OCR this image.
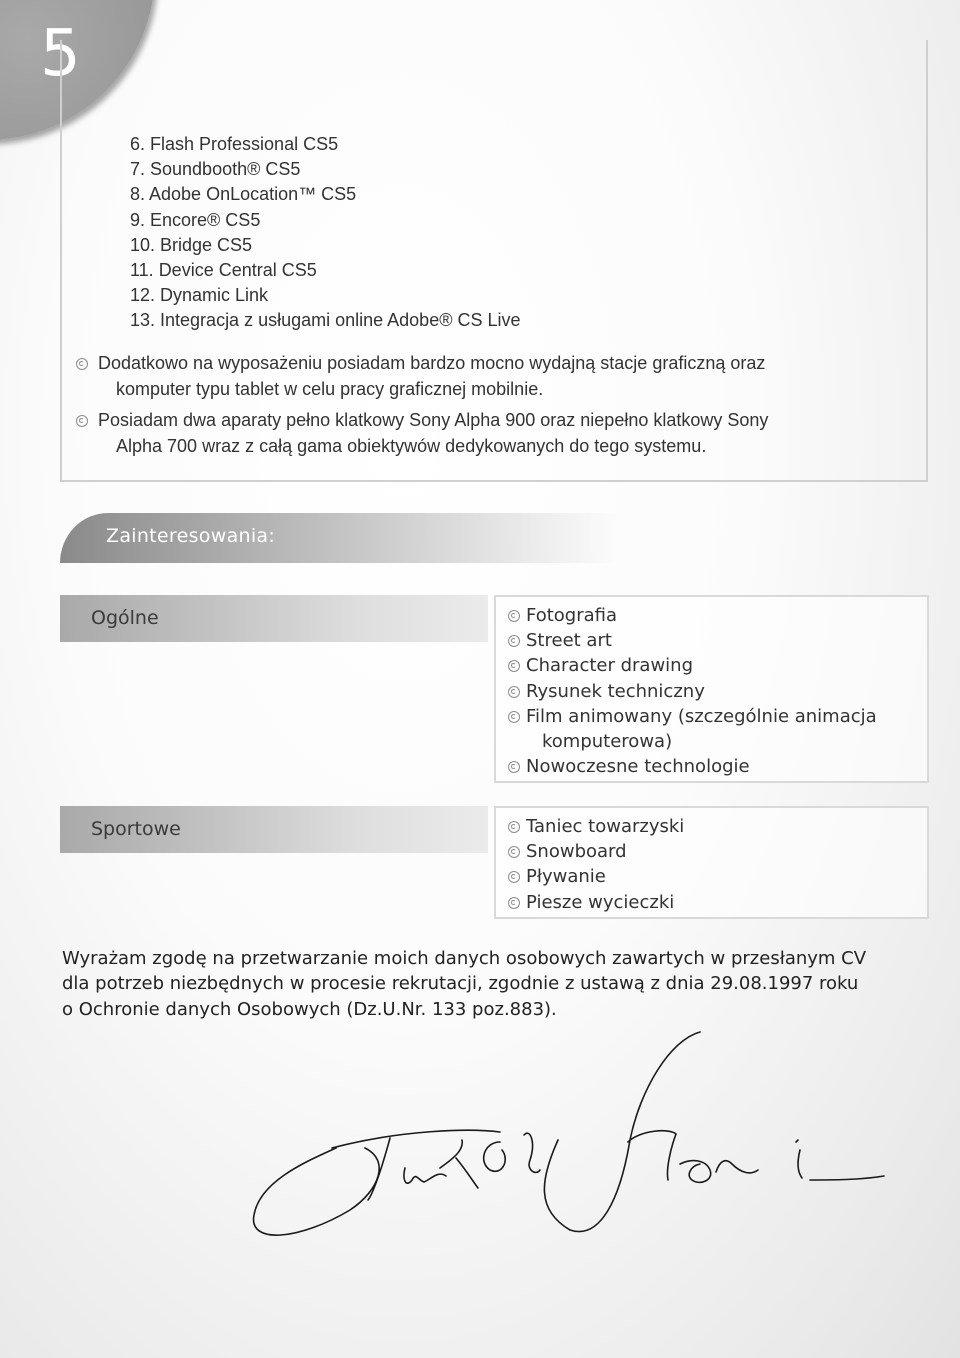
5
6. Flash Professional CS5
7. Soundbooth® CS5
8. Adobe OnLocation™ CS5
9. Encore® CS5
10. Bridge CS5
11. Device Central CS5
12. Dynamic Link
13. Integracja z usługami online Adobe® CS Live
Dodatkowo na wyposażeniu posiadam bardzo mocno wydajną stacje graficzną oraz
komputer typu tablet w celu pracy graficznej mobilnie.
Posiadam dwa aparaty pełno klatkowy Sony Alpha 900 oraz niepełno klatkowy Sony
Alpha 700 wraz z całą gama obiektywów dedykowanych do tego systemu.
Zainteresowania:
Ogólne	Fotografia
Street art
Character drawing
Rysunek techniczny
Film animowany (szczególnie animacja
komputerowa)
Nowoczesne technologie
Sportowe	Taniec towarzyski
Snowboard
Pływanie
Piesze wycieczki

Wyrażam zgodę na przetwarzanie moich danych osobowych zawartych w przesłanym CV
dla potrzeb niezbędnych w procesie rekrutacji, zgodnie z ustawą z dnia 29.08.1997 roku
o Ochronie danych Osobowych (Dz.U.Nr. 133 poz.883).
